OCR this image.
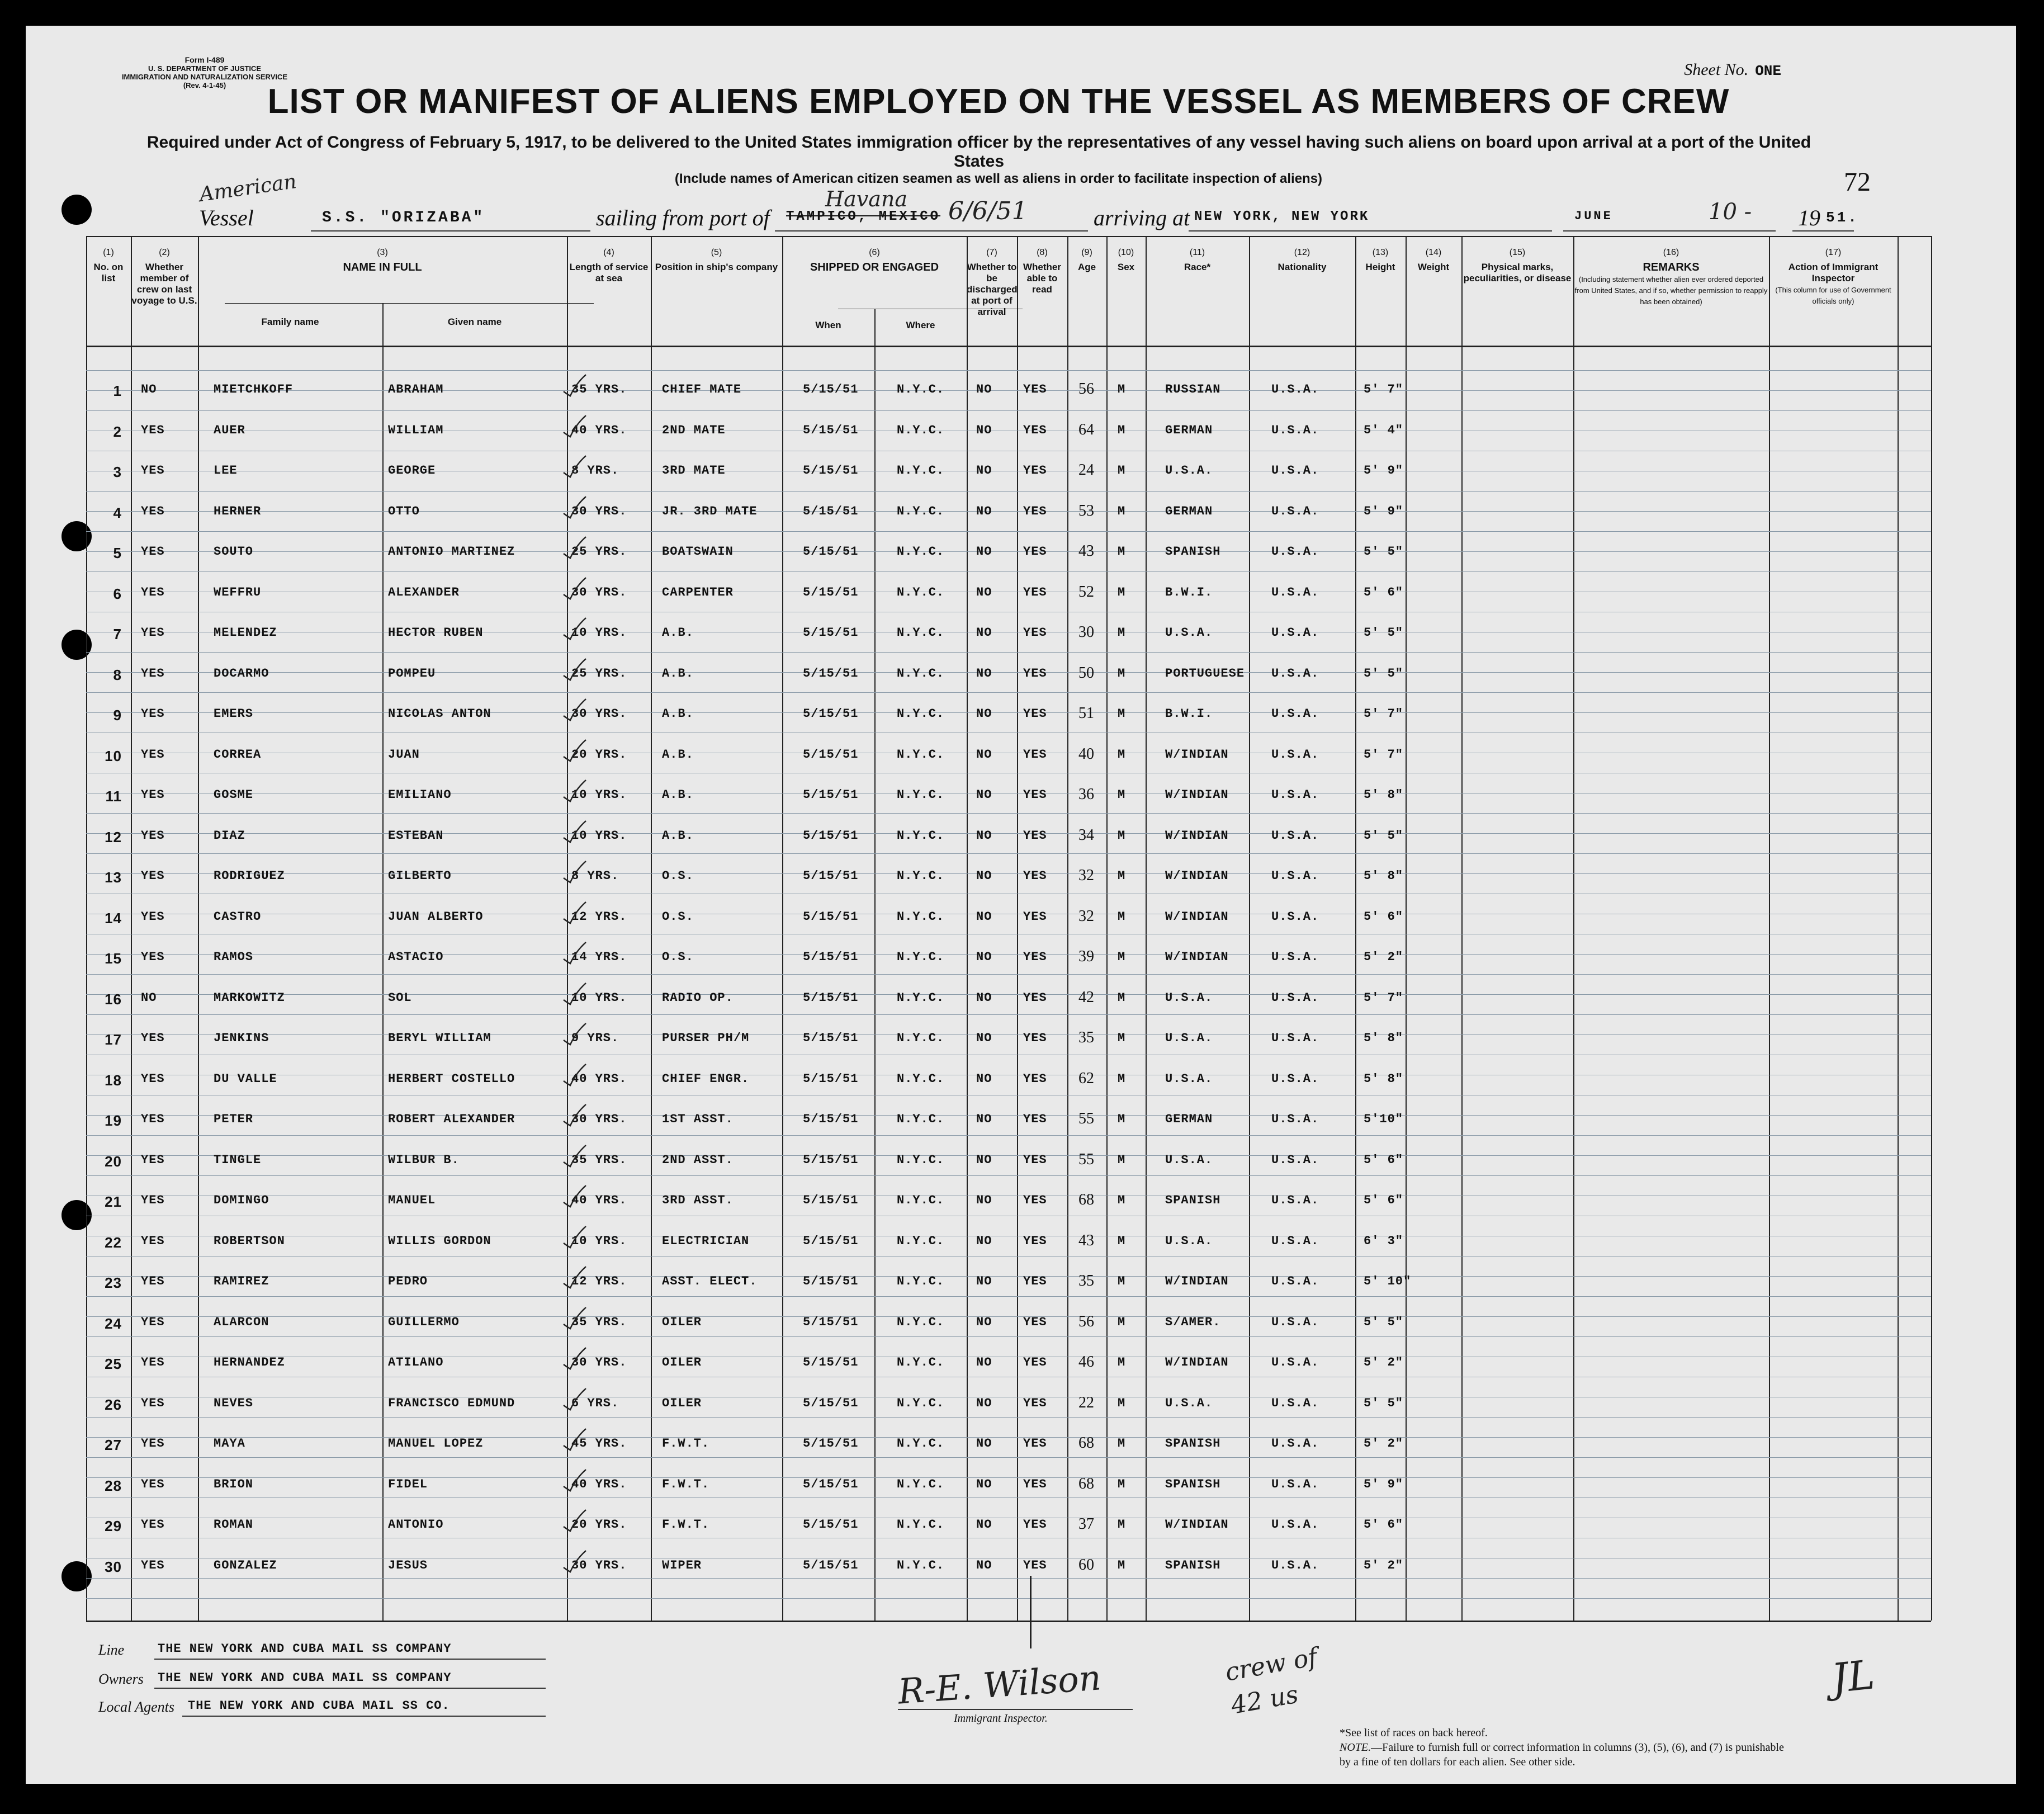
Form I-489
U. S. DEPARTMENT OF JUSTICE
IMMIGRATION AND NATURALIZATION SERVICE
(Rev. 4-1-45)
Sheet No. ONE
LIST OR MANIFEST OF ALIENS EMPLOYED ON THE VESSEL AS MEMBERS OF CREW
Required under Act of Congress of February 5, 1917, to be delivered to the United States immigration officer by the representatives of any vessel having such aliens on board upon arrival at a port of the United States
(Include names of American citizen seamen as well as aliens in order to facilitate inspection of aliens)	72
American
Vessel	S.S. "ORIZABA"	sailing from port of TAMPICO, MEXICO
Havana 6/6/51	arriving at NEW YORK, NEW YORK	JUNE	10 - 19 51.
(1)
No. on list
(2)
Whether member of crew on last voyage to U.S.
(3)
NAME IN FULL
Family name	Given name
(4)
Length of service at sea
(5)
Position in ship's company
(6)
SHIPPED OR ENGAGED
When	Where
(7)
Whether to be discharged at port of arrival
(8)
Whether able to read
(9)
Age
(10)
Sex
(11)
Race*
(12)
Nationality
(13)
Height
(14)
Weight
(15)
Physical marks, peculiarities, or disease
(16)
REMARKS
(Including statement whether alien ever ordered deported from United States, and if so, whether permission to reapply has been obtained)
(17)
Action of Immigrant Inspector
(This column for use of Government officials only)
1 NO	MIETCHKOFF	ABRAHAM	35 YRS.	CHIEF MATE	5/15/51	N.Y.C.	NO	YES 56 M	RUSSIAN	U.S.A.	5' 7"
2 YES	AUER	WILLIAM	40 YRS.	2ND MATE	5/15/51	N.Y.C.	NO	YES 64 M	GERMAN	U.S.A.	5' 4"
3 YES	LEE	GEORGE	8 YRS.	3RD MATE	5/15/51	N.Y.C.	NO	YES 24 M	U.S.A.	U.S.A.	5' 9"
4 YES	HERNER	OTTO	30 YRS.	JR. 3RD MATE	5/15/51	N.Y.C.	NO	YES 53 M	GERMAN	U.S.A.	5' 9"
5 YES	SOUTO	ANTONIO MARTINEZ	25 YRS.	BOATSWAIN	5/15/51	N.Y.C.	NO	YES 43 M	SPANISH	U.S.A.	5' 5"
6 YES	WEFFRU	ALEXANDER	30 YRS.	CARPENTER	5/15/51	N.Y.C.	NO	YES 52 M	B.W.I.	U.S.A.	5' 6"
7 YES	MELENDEZ	HECTOR RUBEN	10 YRS.	A.B.	5/15/51	N.Y.C.	NO	YES 30 M	U.S.A.	U.S.A.	5' 5"
8 YES	DOCARMO	POMPEU	25 YRS.	A.B.	5/15/51	N.Y.C.	NO	YES 50 M	PORTUGUESE U.S.A.	5' 5"
9 YES	EMERS	NICOLAS ANTON	30 YRS.	A.B.	5/15/51	N.Y.C.	NO	YES 51 M	B.W.I.	U.S.A.	5' 7"
10 YES	CORREA	JUAN	20 YRS.	A.B.	5/15/51	N.Y.C.	NO	YES 40 M	W/INDIAN	U.S.A.	5' 7"
11 YES	GOSME	EMILIANO	10 YRS.	A.B.	5/15/51	N.Y.C.	NO	YES 36 M	W/INDIAN	U.S.A.	5' 8"
12 YES	DIAZ	ESTEBAN	10 YRS.	A.B.	5/15/51	N.Y.C.	NO	YES 34 M	W/INDIAN	U.S.A.	5' 5"
13 YES	RODRIGUEZ	GILBERTO	8 YRS.	O.S.	5/15/51	N.Y.C.	NO	YES 32 M	W/INDIAN	U.S.A.	5' 8"
14 YES	CASTRO	JUAN ALBERTO	12 YRS.	O.S.	5/15/51	N.Y.C.	NO	YES 32 M	W/INDIAN	U.S.A.	5' 6"
15 YES	RAMOS	ASTACIO	14 YRS.	O.S.	5/15/51	N.Y.C.	NO	YES 39 M	W/INDIAN	U.S.A.	5' 2"
16 NO	MARKOWITZ	SOL	10 YRS.	RADIO OP.	5/15/51	N.Y.C.	NO	YES 42 M	U.S.A.	U.S.A.	5' 7"
17 YES	JENKINS	BERYL WILLIAM	9 YRS.	PURSER PH/M	5/15/51	N.Y.C.	NO	YES 35 M	U.S.A.	U.S.A.	5' 8"
18 YES	DU VALLE	HERBERT COSTELLO	40 YRS.	CHIEF ENGR.	5/15/51	N.Y.C.	NO	YES 62 M	U.S.A.	U.S.A.	5' 8"
19 YES	PETER	ROBERT ALEXANDER	30 YRS.	1ST ASST.	5/15/51	N.Y.C.	NO	YES 55 M	GERMAN	U.S.A.	5'10"
20 YES	TINGLE	WILBUR B.	35 YRS.	2ND ASST.	5/15/51	N.Y.C.	NO	YES 55 M	U.S.A.	U.S.A.	5' 6"
21 YES	DOMINGO	MANUEL	40 YRS.	3RD ASST.	5/15/51	N.Y.C.	NO	YES 68 M	SPANISH	U.S.A.	5' 6"
22 YES	ROBERTSON	WILLIS GORDON	10 YRS.	ELECTRICIAN	5/15/51	N.Y.C.	NO	YES 43 M	U.S.A.	U.S.A.	6' 3"
23 YES	RAMIREZ	PEDRO	12 YRS.	ASST. ELECT.	5/15/51	N.Y.C.	NO	YES 35 M	W/INDIAN	U.S.A.	5' 10"
24 YES	ALARCON	GUILLERMO	35 YRS.	OILER	5/15/51	N.Y.C.	NO	YES 56 M	S/AMER.	U.S.A.	5' 5"
25 YES	HERNANDEZ	ATILANO	30 YRS.	OILER	5/15/51	N.Y.C.	NO	YES 46 M	W/INDIAN	U.S.A.	5' 2"
26 YES	NEVES	FRANCISCO EDMUND	6 YRS.	OILER	5/15/51	N.Y.C.	NO	YES 22 M	U.S.A.	U.S.A.	5' 5"
27 YES	MAYA	MANUEL LOPEZ	45 YRS.	F.W.T.	5/15/51	N.Y.C.	NO	YES 68 M	SPANISH	U.S.A.	5' 2"
28 YES	BRION	FIDEL	40 YRS.	F.W.T.	5/15/51	N.Y.C.	NO	YES 68 M	SPANISH	U.S.A.	5' 9"
29 YES	ROMAN	ANTONIO	20 YRS.	F.W.T.	5/15/51	N.Y.C.	NO	YES 37 M	W/INDIAN	U.S.A.	5' 6"
30 YES	GONZALEZ	JESUS	30 YRS.	WIPER	5/15/51	N.Y.C.	NO	YES 60 M	SPANISH	U.S.A.	5' 2"
Line	THE NEW YORK AND CUBA MAIL SS COMPANY
Owners THE NEW YORK AND CUBA MAIL SS COMPANY
Local Agents THE NEW YORK AND CUBA MAIL SS CO.	R-E. Wilson
Immigrant Inspector.
crew of 42 us	JL
*See list of races on back hereof.
NOTE.—Failure to furnish full or correct information in columns (3), (5), (6), and (7) is punishable by a fine of ten dollars for each alien. See other side.
